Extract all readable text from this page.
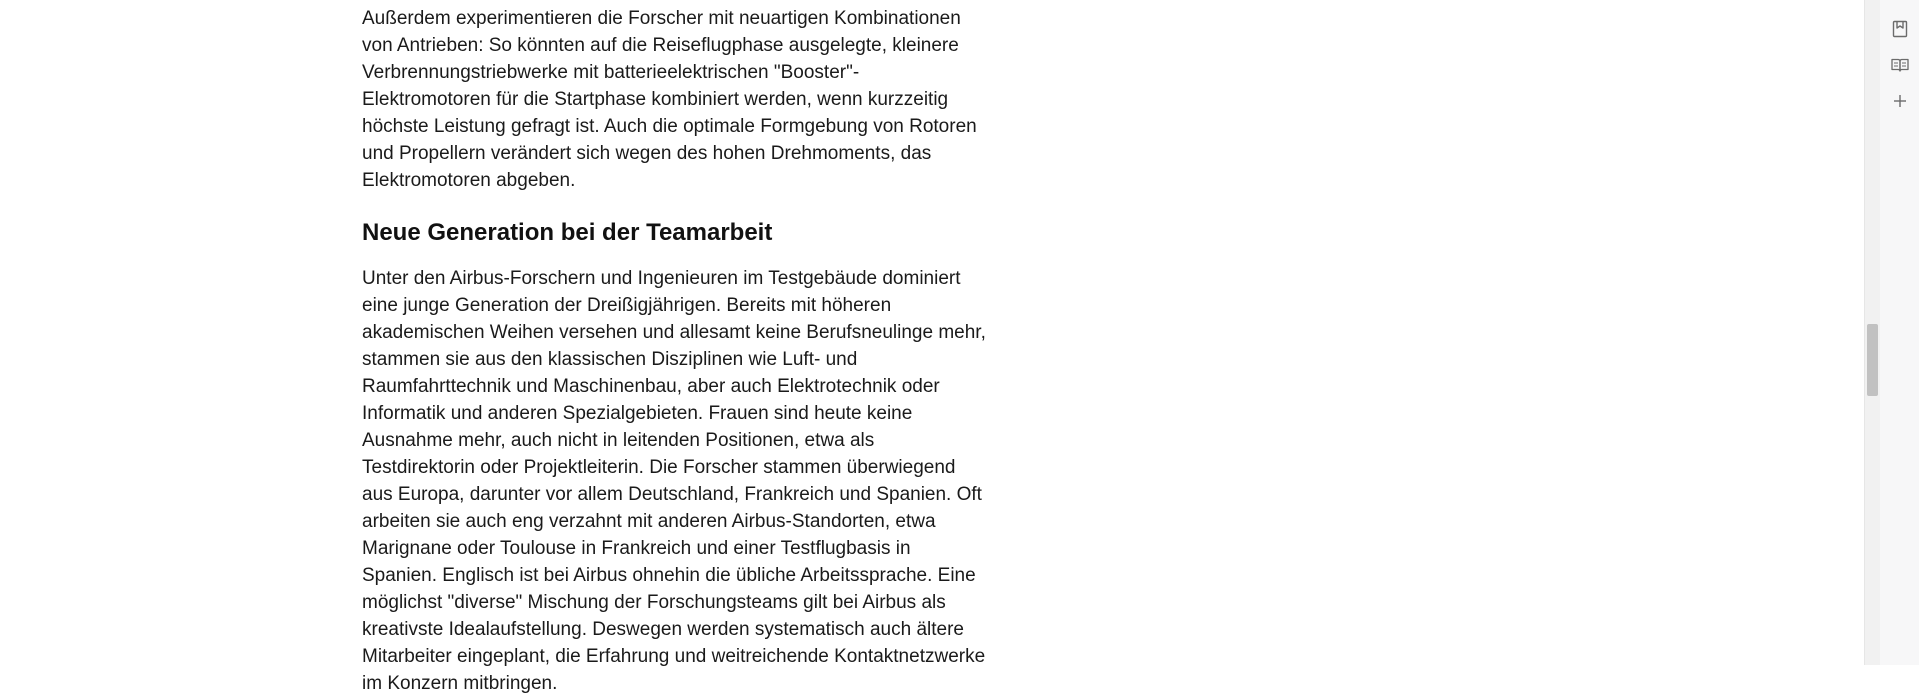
Außerdem experimentieren die Forscher mit neuartigen Kombinationen von Antrieben: So könnten auf die Reiseflugphase ausgelegte, kleinere Verbrennungstriebwerke mit batterieelektrischen "Booster"-Elektromotoren für die Startphase kombiniert werden, wenn kurzzeitig höchste Leistung gefragt ist. Auch die optimale Formgebung von Rotoren und Propellern verändert sich wegen des hohen Drehmoments, das Elektromotoren abgeben.

Neue Generation bei der Teamarbeit

Unter den Airbus-Forschern und Ingenieuren im Testgebäude dominiert eine junge Generation der Dreißigjährigen. Bereits mit höheren akademischen Weihen versehen und allesamt keine Berufsneulinge mehr, stammen sie aus den klassischen Disziplinen wie Luft- und Raumfahrttechnik und Maschinenbau, aber auch Elektrotechnik oder Informatik und anderen Spezialgebieten. Frauen sind heute keine Ausnahme mehr, auch nicht in leitenden Positionen, etwa als Testdirektorin oder Projektleiterin. Die Forscher stammen überwiegend aus Europa, darunter vor allem Deutschland, Frankreich und Spanien. Oft arbeiten sie auch eng verzahnt mit anderen Airbus-Standorten, etwa Marignane oder Toulouse in Frankreich und einer Testflugbasis in Spanien. Englisch ist bei Airbus ohnehin die übliche Arbeitssprache. Eine möglichst "diverse" Mischung der Forschungsteams gilt bei Airbus als kreativste Idealaufstellung. Deswegen werden systematisch auch ältere Mitarbeiter eingeplant, die Erfahrung und weitreichende Kontaktnetzwerke im Konzern mitbringen.
